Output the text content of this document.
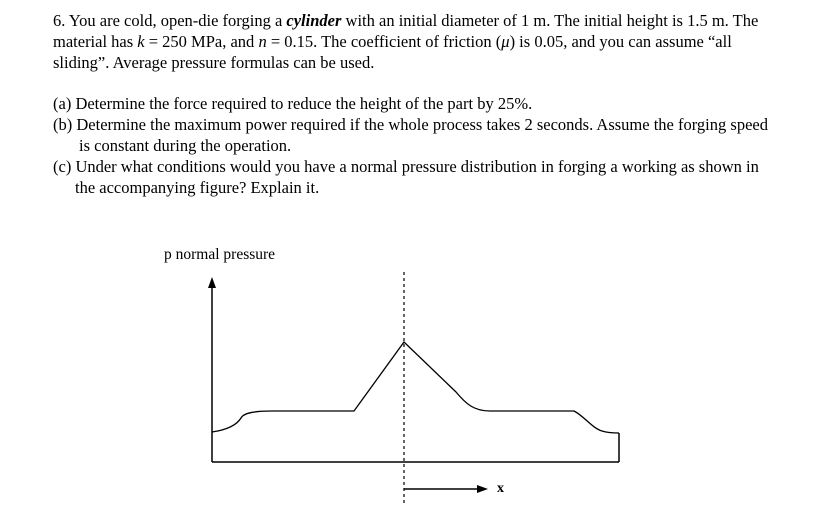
6. You are cold, open-die forging a cylinder with an initial diameter of 1 m. The initial height is 1.5 m. The material has k = 250 MPa, and n = 0.15. The coefficient of friction (μ) is 0.05, and you can assume “all sliding”. Average pressure formulas can be used.

(a) Determine the force required to reduce the height of the part by 25%.

(b) Determine the maximum power required if the whole process takes 2 seconds. Assume the forging speed is constant during the operation.

(c) Under what conditions would you have a normal pressure distribution in forging a working as shown in the accompanying figure? Explain it.

p normal pressure
x
